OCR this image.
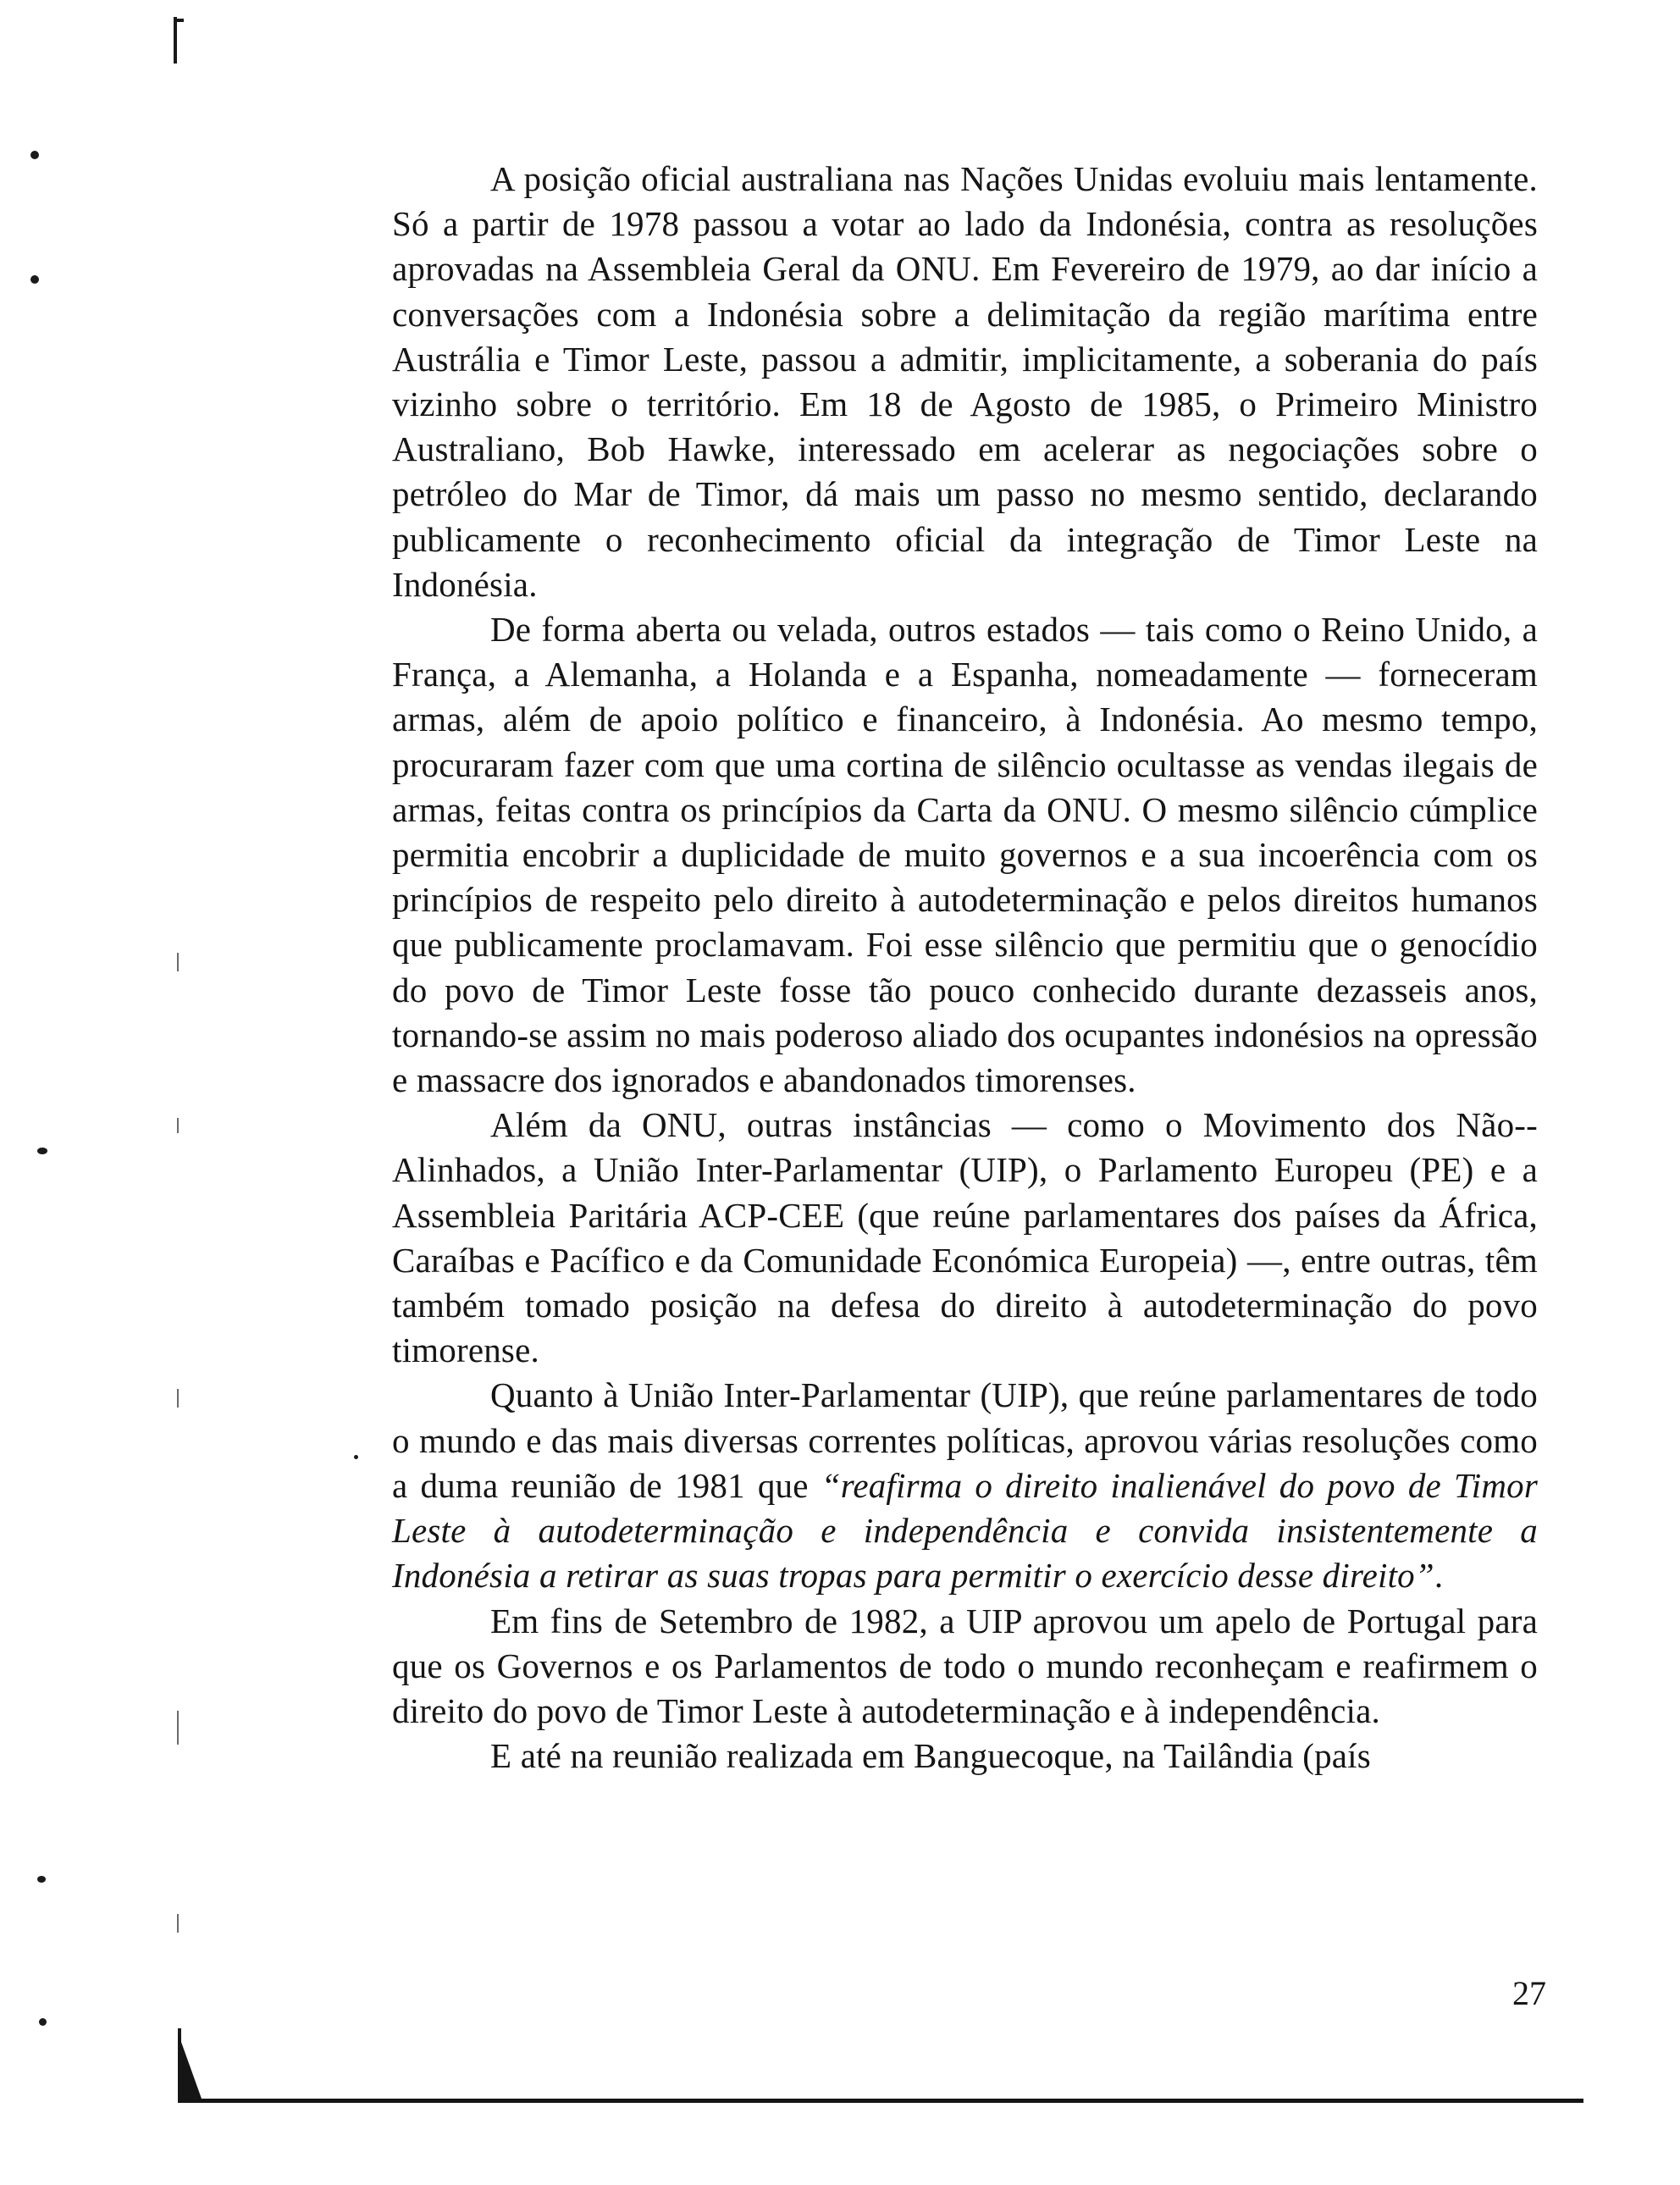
A posição oficial australiana nas Nações Unidas evoluiu mais lentamente. Só a partir de 1978 passou a votar ao lado da Indonésia, contra as resoluções aprovadas na Assembleia Geral da ONU. Em Fevereiro de 1979, ao dar início a conversações com a Indonésia sobre a delimitação da região marítima entre Austrália e Timor Leste, passou a admitir, implicitamente, a soberania do país vizinho sobre o território. Em 18 de Agosto de 1985, o Primeiro Ministro Australiano, Bob Hawke, interessado em acelerar as negociações sobre o petróleo do Mar de Timor, dá mais um passo no mesmo sentido, declarando publicamente o reconhecimento oficial da integração de Timor Leste na Indonésia.

De forma aberta ou velada, outros estados — tais como o Reino Unido, a França, a Alemanha, a Holanda e a Espanha, nomeadamente — forneceram armas, além de apoio político e financeiro, à Indonésia. Ao mesmo tempo, procuraram fazer com que uma cortina de silêncio ocultasse as vendas ilegais de armas, feitas contra os princípios da Carta da ONU. O mesmo silêncio cúmplice permitia encobrir a duplicidade de muito governos e a sua incoerência com os princípios de respeito pelo direito à autodeterminação e pelos direitos humanos que publicamente proclamavam. Foi esse silêncio que permitiu que o genocídio do povo de Timor Leste fosse tão pouco conhecido durante dezasseis anos, tornando-se assim no mais poderoso aliado dos ocupantes indonésios na opressão e massacre dos ignorados e abandonados timorenses.

Além da ONU, outras instâncias — como o Movimento dos Não--Alinhados, a União Inter-Parlamentar (UIP), o Parlamento Europeu (PE) e a Assembleia Paritária ACP-CEE (que reúne parlamentares dos países da África, Caraíbas e Pacífico e da Comunidade Económica Europeia) —, entre outras, têm também tomado posição na defesa do direito à autodeterminação do povo timorense.

Quanto à União Inter-Parlamentar (UIP), que reúne parlamentares de todo o mundo e das mais diversas correntes políticas, aprovou várias resoluções como a duma reunião de 1981 que “reafirma o direito inalienável do povo de Timor Leste à autodeterminação e independência e convida insistentemente a Indonésia a retirar as suas tropas para permitir o exercício desse direito”.

Em fins de Setembro de 1982, a UIP aprovou um apelo de Portugal para que os Governos e os Parlamentos de todo o mundo reconheçam e reafirmem o direito do povo de Timor Leste à autodeterminação e à independência.

E até na reunião realizada em Banguecoque, na Tailândia (país

27
